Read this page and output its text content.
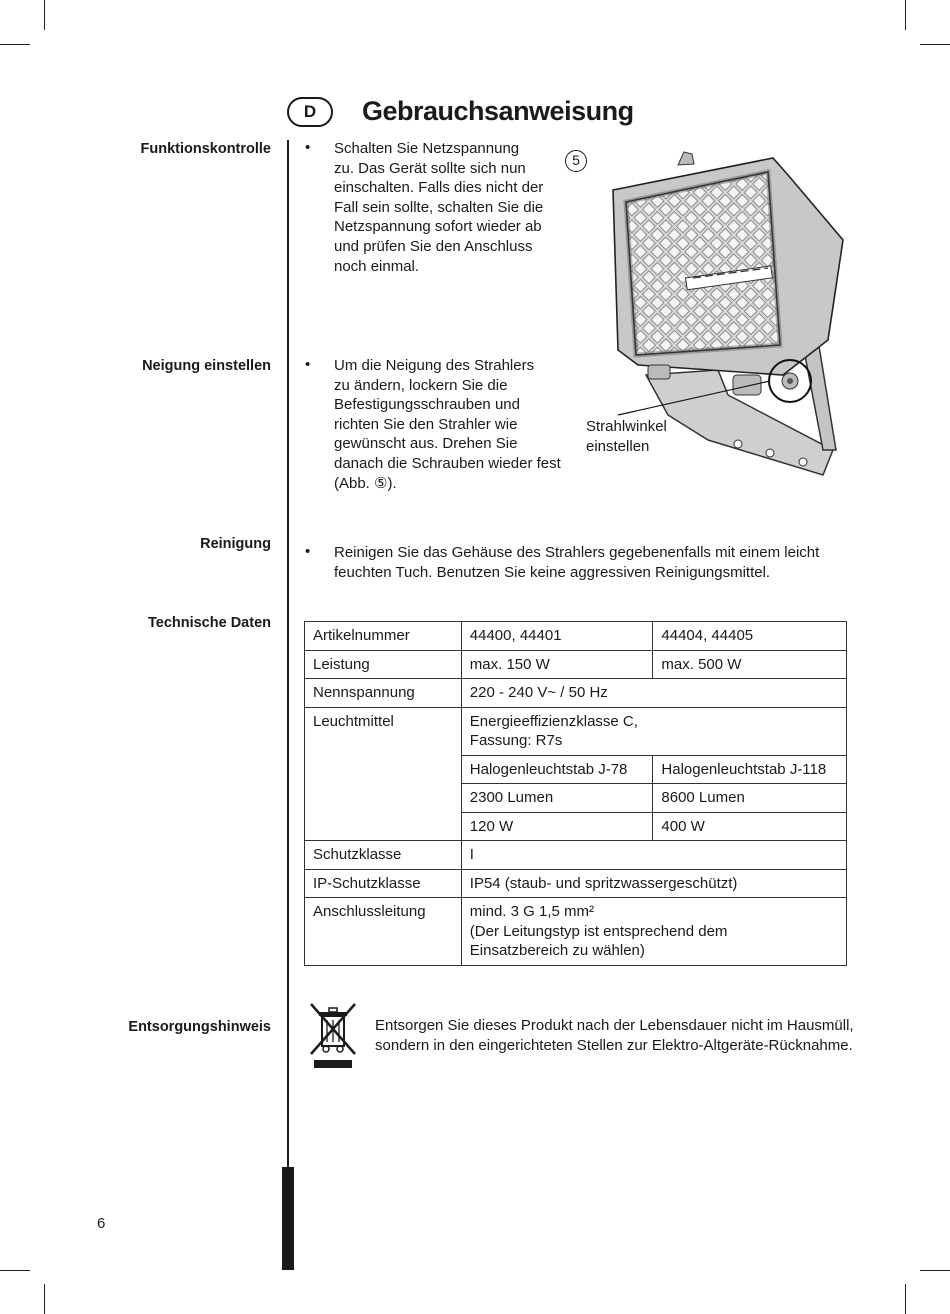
D	Gebrauchsanweisung
Funktionskontrolle • Schalten Sie Netzspannung
zu. Das Gerät sollte sich nun
einschalten. Falls dies nicht der
Fall sein sollte, schalten Sie die
Netzspannung sofort wieder ab
und prüfen Sie den Anschluss
noch einmal.
5
Strahlwinkel
einstellen
Neigung einstellen • Um die Neigung des Strahlers
zu ändern, lockern Sie die
Befestigungsschrauben und
richten Sie den Strahler wie
gewünscht aus. Drehen Sie
danach die Schrauben wieder fest
(Abb. ⑤).
Reinigung • Reinigen Sie das Gehäuse des Strahlers gegebenenfalls mit einem leicht
feuchten Tuch. Benutzen Sie keine aggressiven Reinigungsmittel.
Technische Daten
Artikelnummer	44400, 44401	44404, 44405
Leistung	max. 150 W	max. 500 W
Nennspannung	220 - 240 V~ / 50 Hz	
Leuchtmittel	Energieeffizienzklasse C,
Fassung: R7s	

	Halogenleuchtstab J-78	Halogenleuchtstab J-118
	2300 Lumen	8600 Lumen
	120 W	400 W
Schutzklasse	I	
IP-Schutzklasse	IP54 (staub- und spritzwassergeschützt)	
Anschlussleitung	mind. 3 G 1,5 mm²
(Der Leitungstyp ist entsprechend dem
Einsatzbereich zu wählen)	
Entsorgungshinweis	Entsorgen Sie dieses Produkt nach der Lebensdauer nicht im Hausmüll,
sondern in den eingerichteten Stellen zur Elektro-Altgeräte-Rücknahme.
6
